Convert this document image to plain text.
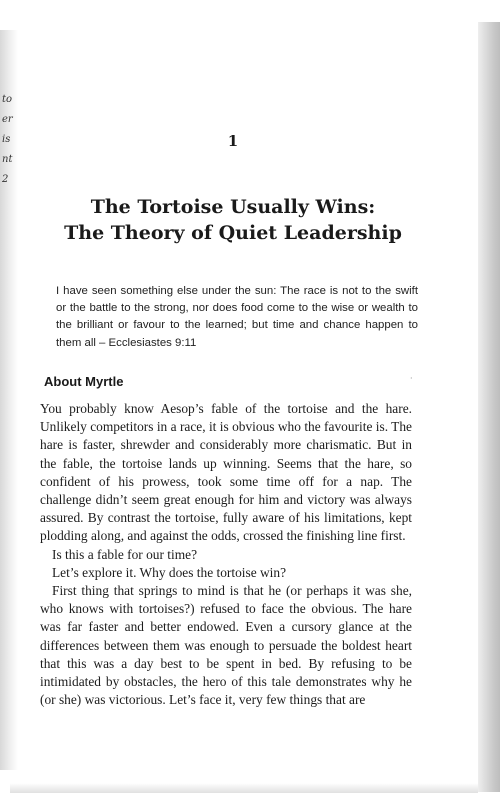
to
er
is
nt
2
1
The Tortoise Usually Wins:
The Theory of Quiet Leadership
I have seen something else under the sun: The race is not to the swift or the battle to the strong, nor does food come to the wise or wealth to the brilliant or favour to the learned; but time and chance happen to them all – Ecclesiastes 9:11
About Myrtle

You probably know Aesop’s fable of the tortoise and the hare. Unlikely competitors in a race, it is obvious who the favourite is. The hare is faster, shrewder and considerably more charismatic. But in the fable, the tortoise lands up winning. Seems that the hare, so confident of his prowess, took some time off for a nap. The challenge didn’t seem great enough for him and victory was always assured. By contrast the tortoise, fully aware of his limitations, kept plodding along, and against the odds, crossed the finishing line first.

Is this a fable for our time?

Let’s explore it. Why does the tortoise win?

First thing that springs to mind is that he (or perhaps it was she, who knows with tortoises?) refused to face the obvious. The hare was far faster and better endowed. Even a cursory glance at the differences between them was enough to persuade the boldest heart that this was a day best to be spent in bed. By refusing to be intimidated by obstacles, the hero of this tale demonstrates why he (or she) was victorious. Let’s face it, very few things that are

·
